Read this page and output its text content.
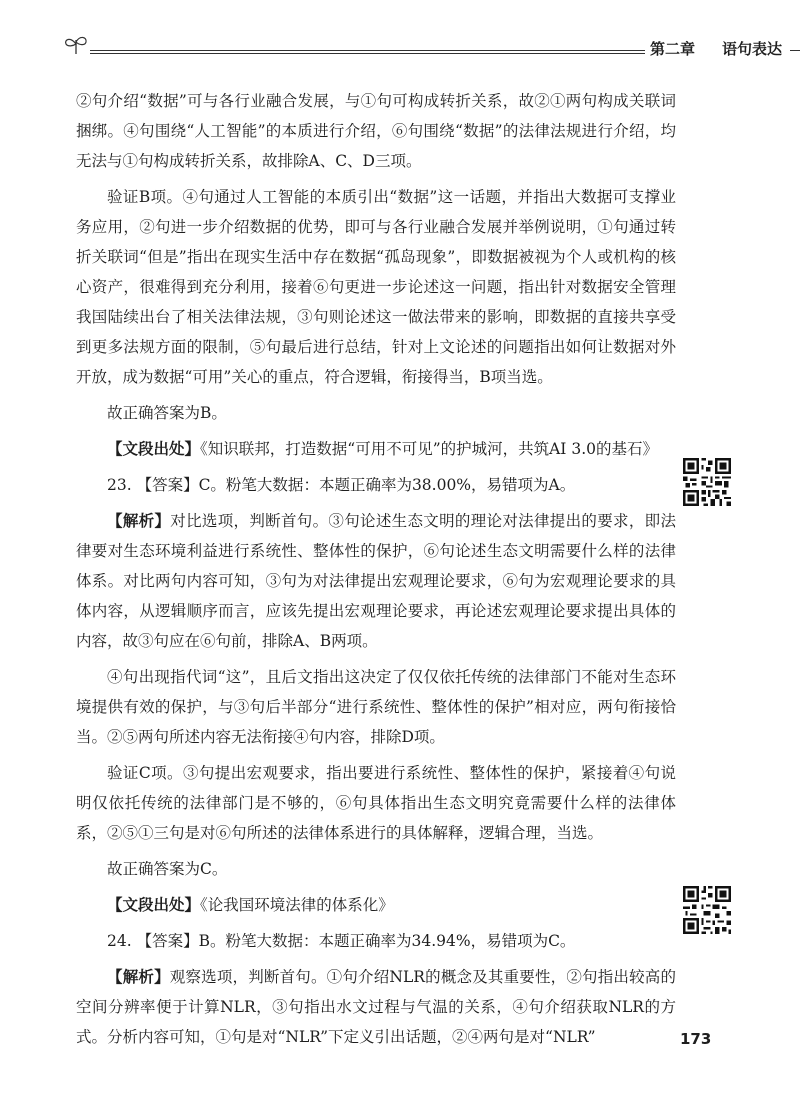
第二章 语句表达

②句介绍“数据”可与各行业融合发展，与①句可构成转折关系，故②①两句构成关联词捆绑。④句围绕“人工智能”的本质进行介绍，⑥句围绕“数据”的法律法规进行介绍，均无法与①句构成转折关系，故排除A、C、D三项。

验证B项。④句通过人工智能的本质引出“数据”这一话题，并指出大数据可支撑业务应用，②句进一步介绍数据的优势，即可与各行业融合发展并举例说明，①句通过转折关联词“但是”指出在现实生活中存在数据“孤岛现象”，即数据被视为个人或机构的核心资产，很难得到充分利用，接着⑥句更进一步论述这一问题，指出针对数据安全管理我国陆续出台了相关法律法规，③句则论述这一做法带来的影响，即数据的直接共享受到更多法规方面的限制，⑤句最后进行总结，针对上文论述的问题指出如何让数据对外开放，成为数据“可用”关心的重点，符合逻辑，衔接得当，B项当选。

故正确答案为B。

【文段出处】《知识联邦，打造数据“可用不可见”的护城河，共筑AI 3.0的基石》

23. 【答案】C。粉笔大数据：本题正确率为38.00%，易错项为A。

【解析】对比选项，判断首句。③句论述生态文明的理论对法律提出的要求，即法律要对生态环境利益进行系统性、整体性的保护，⑥句论述生态文明需要什么样的法律体系。对比两句内容可知，③句为对法律提出宏观理论要求，⑥句为宏观理论要求的具体内容，从逻辑顺序而言，应该先提出宏观理论要求，再论述宏观理论要求提出具体的内容，故③句应在⑥句前，排除A、B两项。

④句出现指代词“这”，且后文指出这决定了仅仅依托传统的法律部门不能对生态环境提供有效的保护，与③句后半部分“进行系统性、整体性的保护”相对应，两句衔接恰当。②⑤两句所述内容无法衔接④句内容，排除D项。

验证C项。③句提出宏观要求，指出要进行系统性、整体性的保护，紧接着④句说明仅依托传统的法律部门是不够的，⑥句具体指出生态文明究竟需要什么样的法律体系，②⑤①三句是对⑥句所述的法律体系进行的具体解释，逻辑合理，当选。

故正确答案为C。

【文段出处】《论我国环境法律的体系化》

24. 【答案】B。粉笔大数据：本题正确率为34.94%，易错项为C。

【解析】观察选项，判断首句。①句介绍NLR的概念及其重要性，②句指出较高的空间分辨率便于计算NLR，③句指出水文过程与气温的关系，④句介绍获取NLR的方式。分析内容可知，①句是对“NLR”下定义引出话题，②④两句是对“NLR”	173
